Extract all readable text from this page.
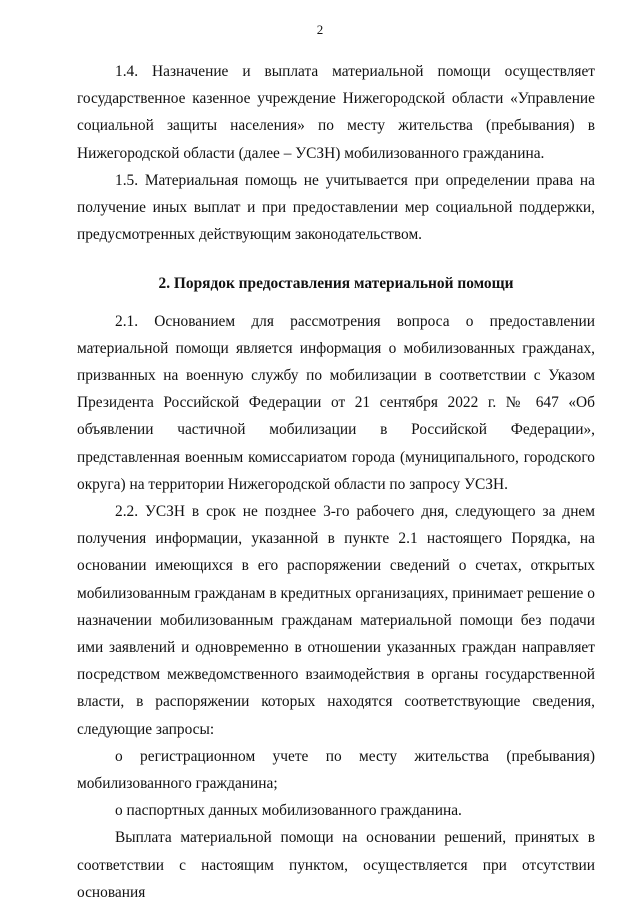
2

1.4. Назначение и выплата материальной помощи осуществляет государственное казенное учреждение Нижегородской области «Управление социальной защиты населения» по месту жительства (пребывания) в Нижегородской области (далее – УСЗН) мобилизованного гражданина.

1.5. Материальная помощь не учитывается при определении права на получение иных выплат и при предоставлении мер социальной поддержки, предусмотренных действующим законодательством.

2. Порядок предоставления материальной помощи

2.1. Основанием для рассмотрения вопроса о предоставлении материальной помощи является информация о мобилизованных гражданах, призванных на военную службу по мобилизации в соответствии с Указом Президента Российской Федерации от 21 сентября 2022 г. № 647 «Об объявлении частичной мобилизации в Российской Федерации», представленная военным комиссариатом города (муниципального, городского округа) на территории Нижегородской области по запросу УСЗН.

2.2. УСЗН в срок не позднее 3-го рабочего дня, следующего за днем получения информации, указанной в пункте 2.1 настоящего Порядка, на основании имеющихся в его распоряжении сведений о счетах, открытых мобилизованным гражданам в кредитных организациях, принимает решение о назначении мобилизованным гражданам материальной помощи без подачи ими заявлений и одновременно в отношении указанных граждан направляет посредством межведомственного взаимодействия в органы государственной власти, в распоряжении которых находятся соответствующие сведения, следующие запросы:

о регистрационном учете по месту жительства (пребывания) мобилизованного гражданина;

о паспортных данных мобилизованного гражданина.

Выплата материальной помощи на основании решений, принятых в соответствии с настоящим пунктом, осуществляется при отсутствии основания
